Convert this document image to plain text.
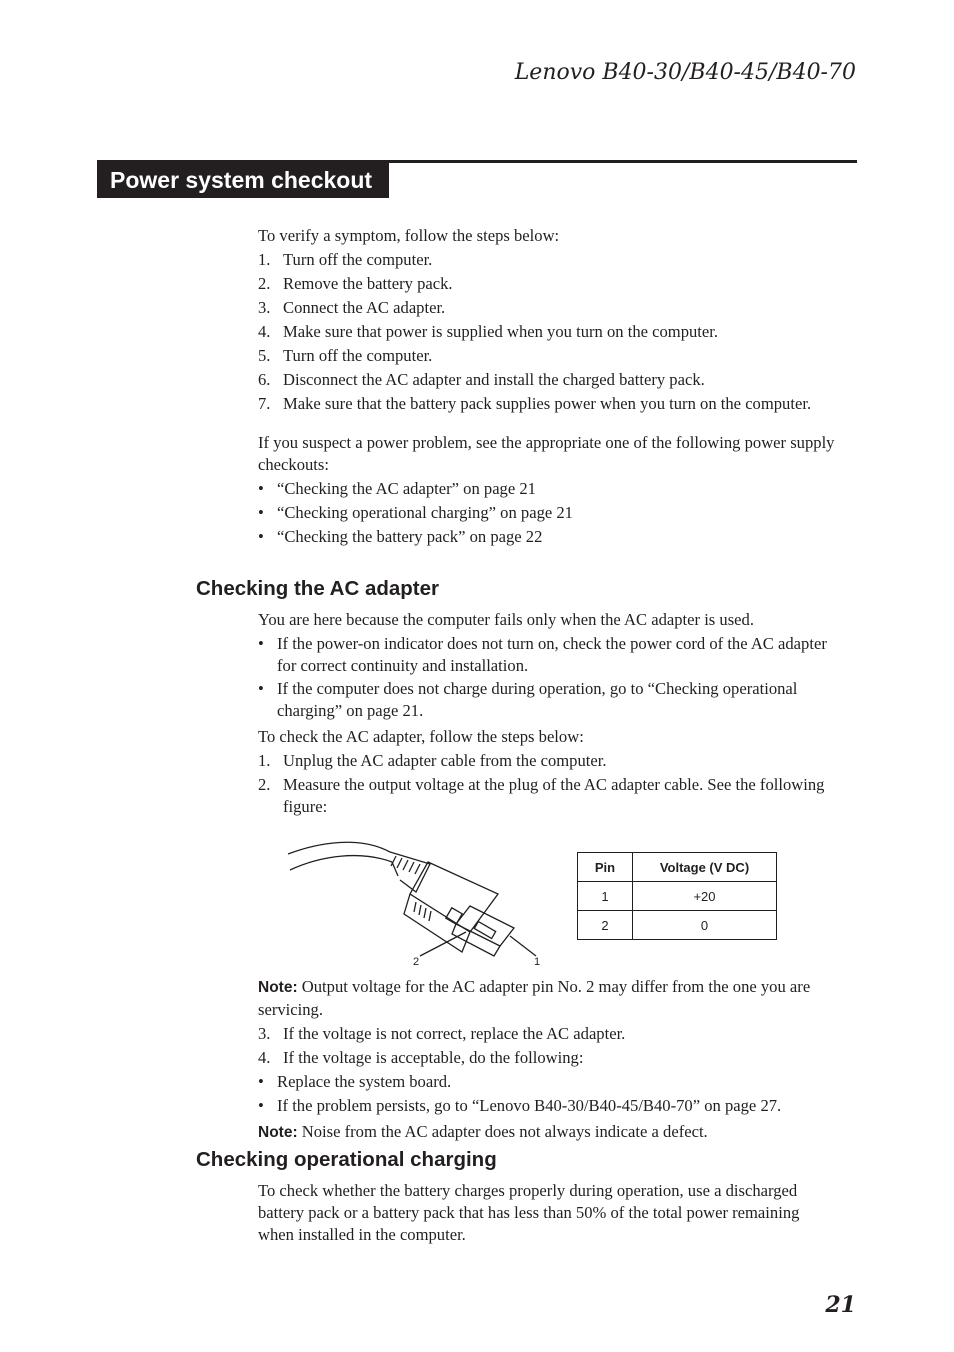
Lenovo B40-30/B40-45/B40-70
Power system checkout

To verify a symptom, follow the steps below:

1. Turn off the computer.

2. Remove the battery pack.

3. Connect the AC adapter.

4. Make sure that power is supplied when you turn on the computer.

5. Turn off the computer.

6. Disconnect the AC adapter and install the charged battery pack.

7. Make sure that the battery pack supplies power when you turn on the computer.

If you suspect a power problem, see the appropriate one of the following power supply checkouts:

• “Checking the AC adapter” on page 21

• “Checking operational charging” on page 21

• “Checking the battery pack” on page 22

Checking the AC adapter

You are here because the computer fails only when the AC adapter is used.

• If the power-on indicator does not turn on, check the power cord of the AC adapter for correct continuity and installation.

• If the computer does not charge during operation, go to “Checking operational charging” on page 21.

To check the AC adapter, follow the steps below:

1. Unplug the AC adapter cable from the computer.

2. Measure the output voltage at the plug of the AC adapter cable. See the following figure:

2	1
Pin	Voltage (V DC)
1	+20
2	0

Note: Output voltage for the AC adapter pin No. 2 may differ from the one you are servicing.

3. If the voltage is not correct, replace the AC adapter.

4. If the voltage is acceptable, do the following:

• Replace the system board.

• If the problem persists, go to “Lenovo B40-30/B40-45/B40-70” on page 27.

Note: Noise from the AC adapter does not always indicate a defect.

Checking operational charging
To check whether the battery charges properly during operation, use a discharged battery pack or a battery pack that has less than 50% of the total power remaining when installed in the computer.
21
